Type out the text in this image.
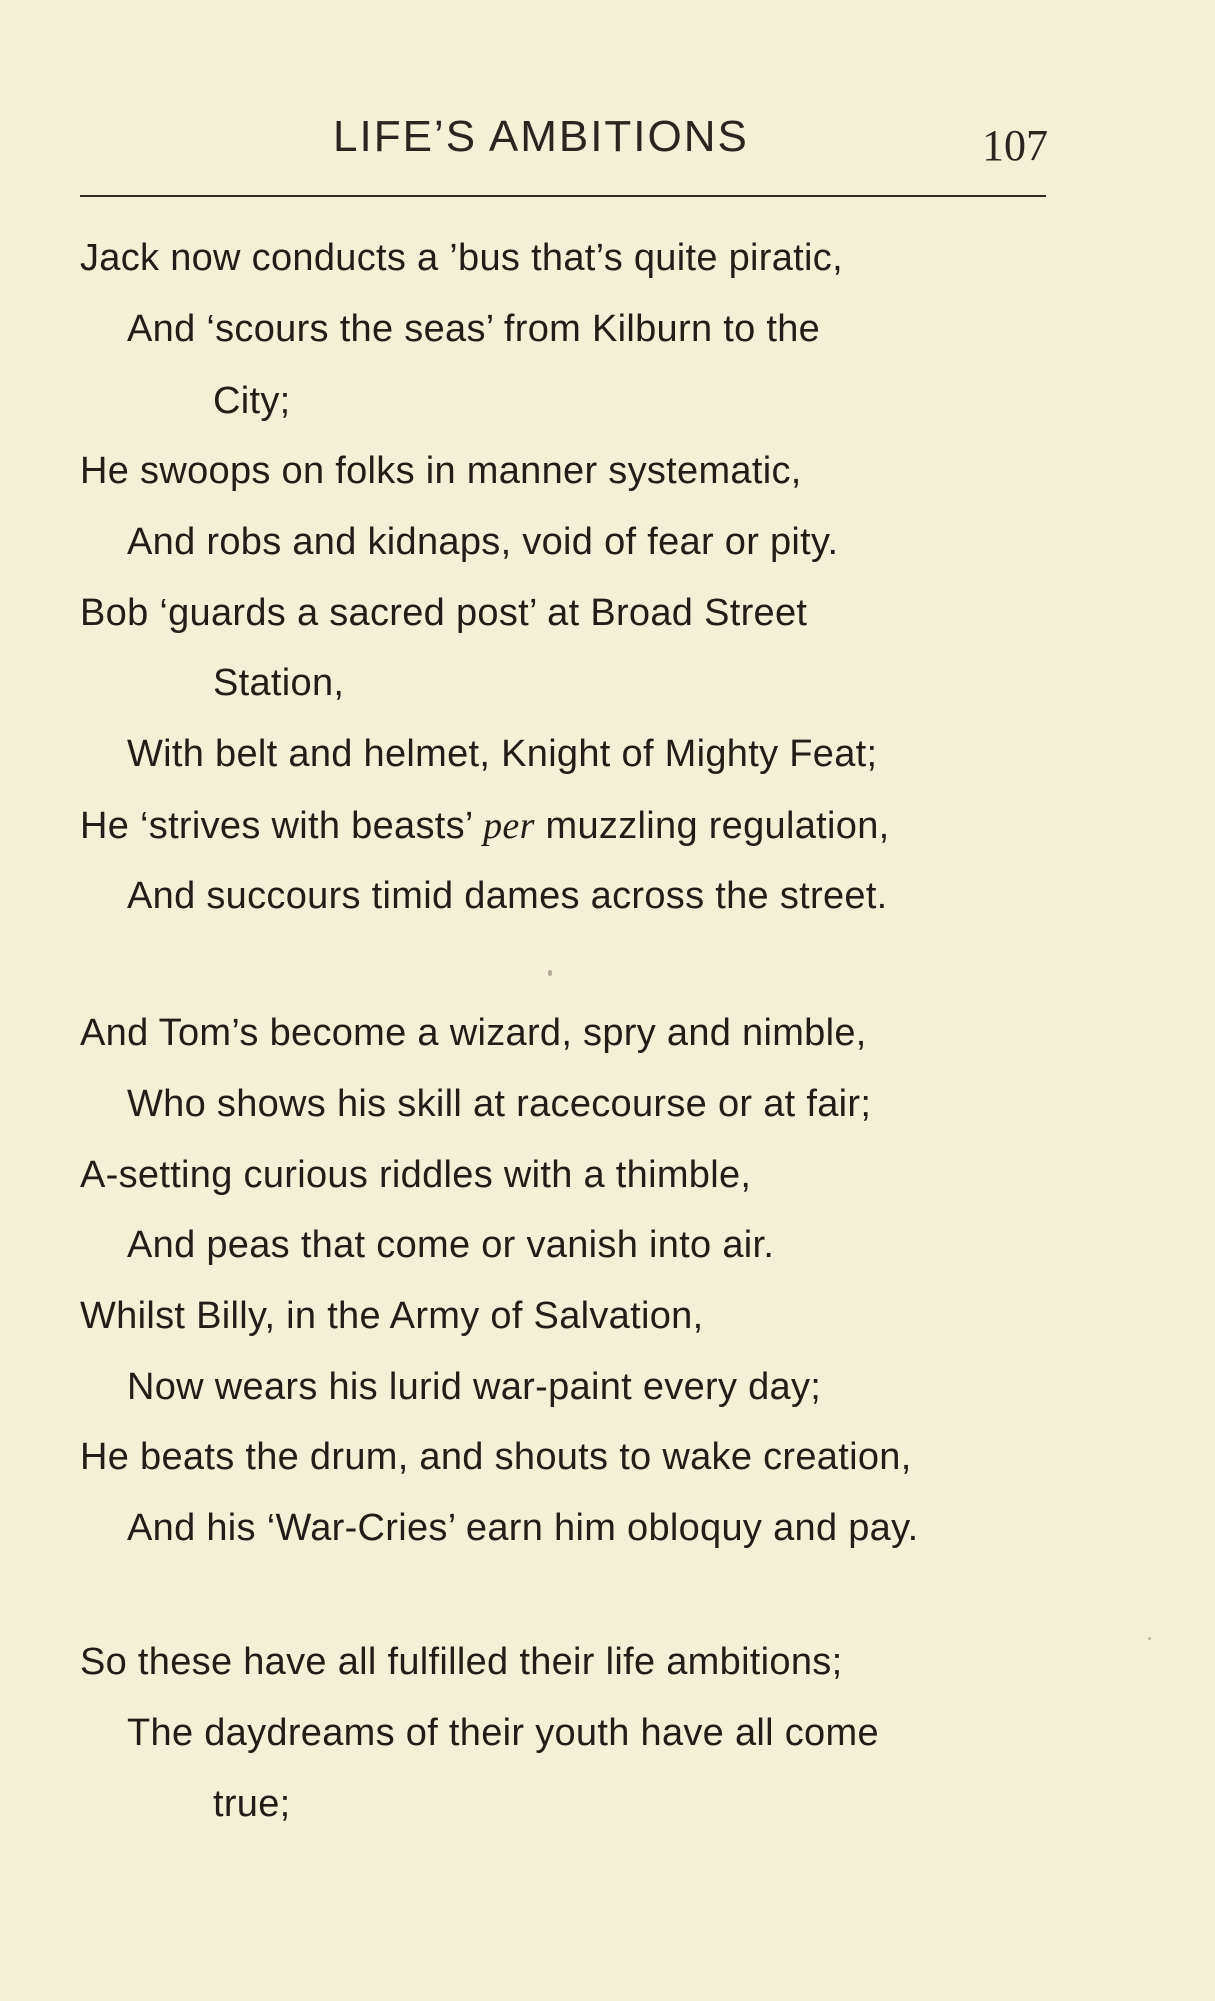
LIFE’S AMBITIONS	107
Jack now conducts a ’bus that’s quite piratic,
And ‘scours the seas’ from Kilburn to the
City;
He swoops on folks in manner systematic,
And robs and kidnaps, void of fear or pity.
Bob ‘guards a sacred post’ at Broad Street
Station,
With belt and helmet, Knight of Mighty Feat;
He ‘strives with beasts’ per muzzling regulation,
And succours timid dames across the street.
And Tom’s become a wizard, spry and nimble,
Who shows his skill at racecourse or at fair;
A-setting curious riddles with a thimble,
And peas that come or vanish into air.
Whilst Billy, in the Army of Salvation,
Now wears his lurid war-paint every day;
He beats the drum, and shouts to wake creation,
And his ‘War-Cries’ earn him obloquy and pay.
So these have all fulfilled their life ambitions;
The daydreams of their youth have all come
true;
